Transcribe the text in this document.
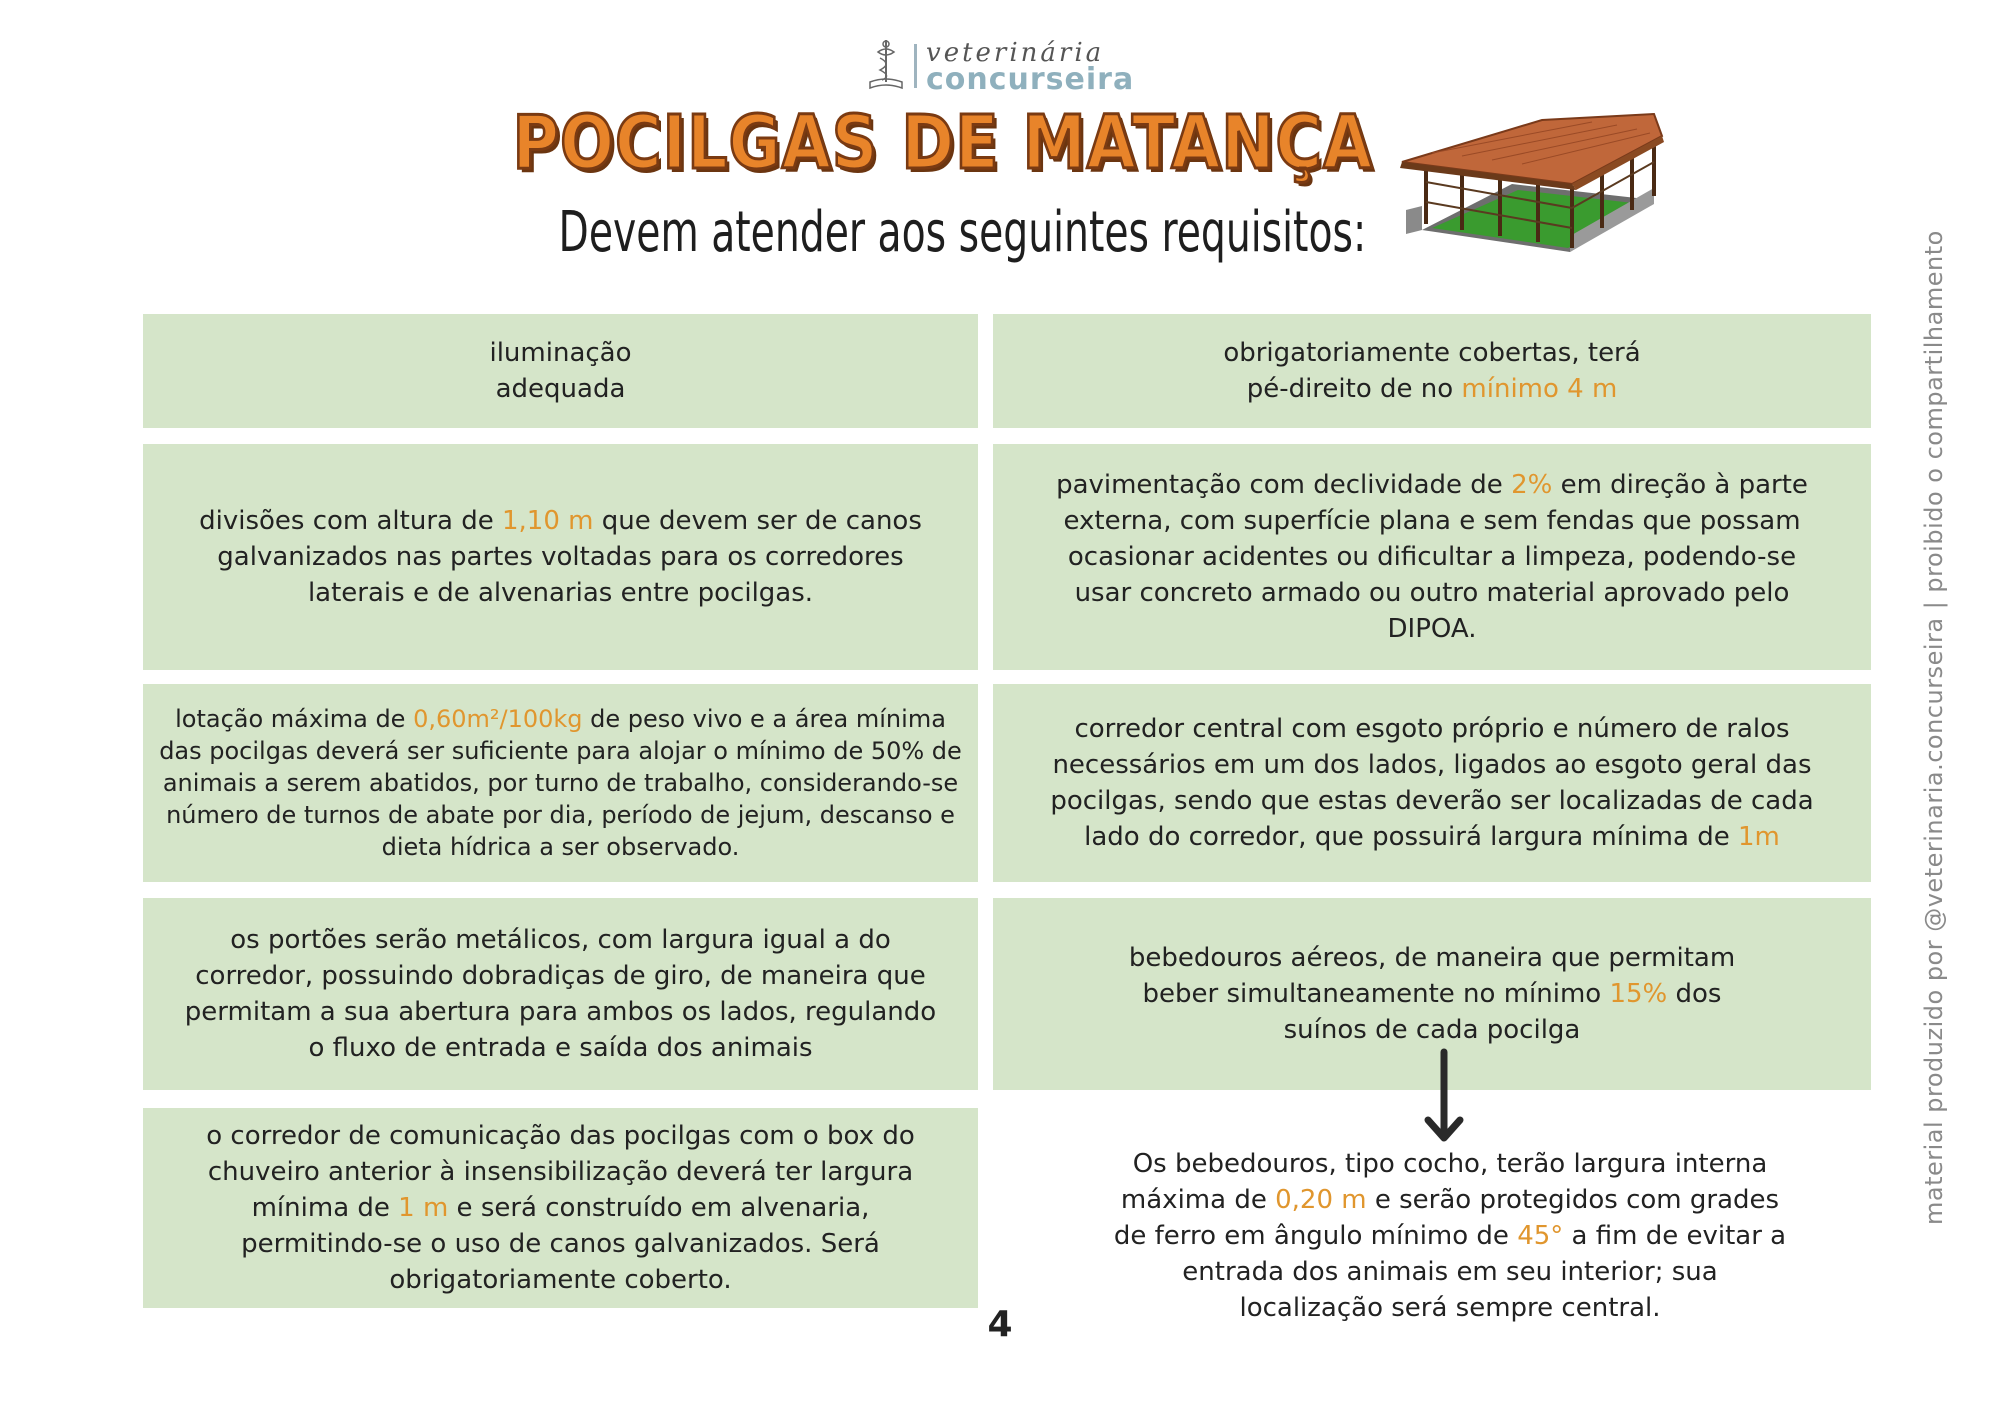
veterinária
concurseira
POCILGAS DE MATANÇA
Devem atender aos seguintes requisitos:
iluminação
adequada
obrigatoriamente cobertas, terá
pé-direito de no mínimo 4 m
divisões com altura de 1,10 m que devem ser de canos galvanizados nas partes voltadas para os corredores laterais e de alvenarias entre pocilgas.
pavimentação com declividade de 2% em direção à parte externa, com superfície plana e sem fendas que possam ocasionar acidentes ou dificultar a limpeza, podendo-se usar concreto armado ou outro material aprovado pelo DIPOA.
lotação máxima de 0,60m²/100kg de peso vivo e a área mínima das pocilgas deverá ser suficiente para alojar o mínimo de 50% de animais a serem abatidos, por turno de trabalho, considerando-se número de turnos de abate por dia, período de jejum, descanso e dieta hídrica a ser observado.
corredor central com esgoto próprio e número de ralos necessários em um dos lados, ligados ao esgoto geral das pocilgas, sendo que estas deverão ser localizadas de cada lado do corredor, que possuirá largura mínima de 1m
os portões serão metálicos, com largura igual a do corredor, possuindo dobradiças de giro, de maneira que permitam a sua abertura para ambos os lados, regulando o fluxo de entrada e saída dos animais
bebedouros aéreos, de maneira que permitam beber simultaneamente no mínimo 15% dos suínos de cada pocilga
o corredor de comunicação das pocilgas com o box do chuveiro anterior à insensibilização deverá ter largura mínima de 1 m e será construído em alvenaria, permitindo-se o uso de canos galvanizados. Será obrigatoriamente coberto.
Os bebedouros, tipo cocho, terão largura interna máxima de 0,20 m e serão protegidos com grades de ferro em ângulo mínimo de 45° a fim de evitar a entrada dos animais em seu interior; sua localização será sempre central.
4
material produzido por @veterinaria.concurseira | proibido o compartilhamento
